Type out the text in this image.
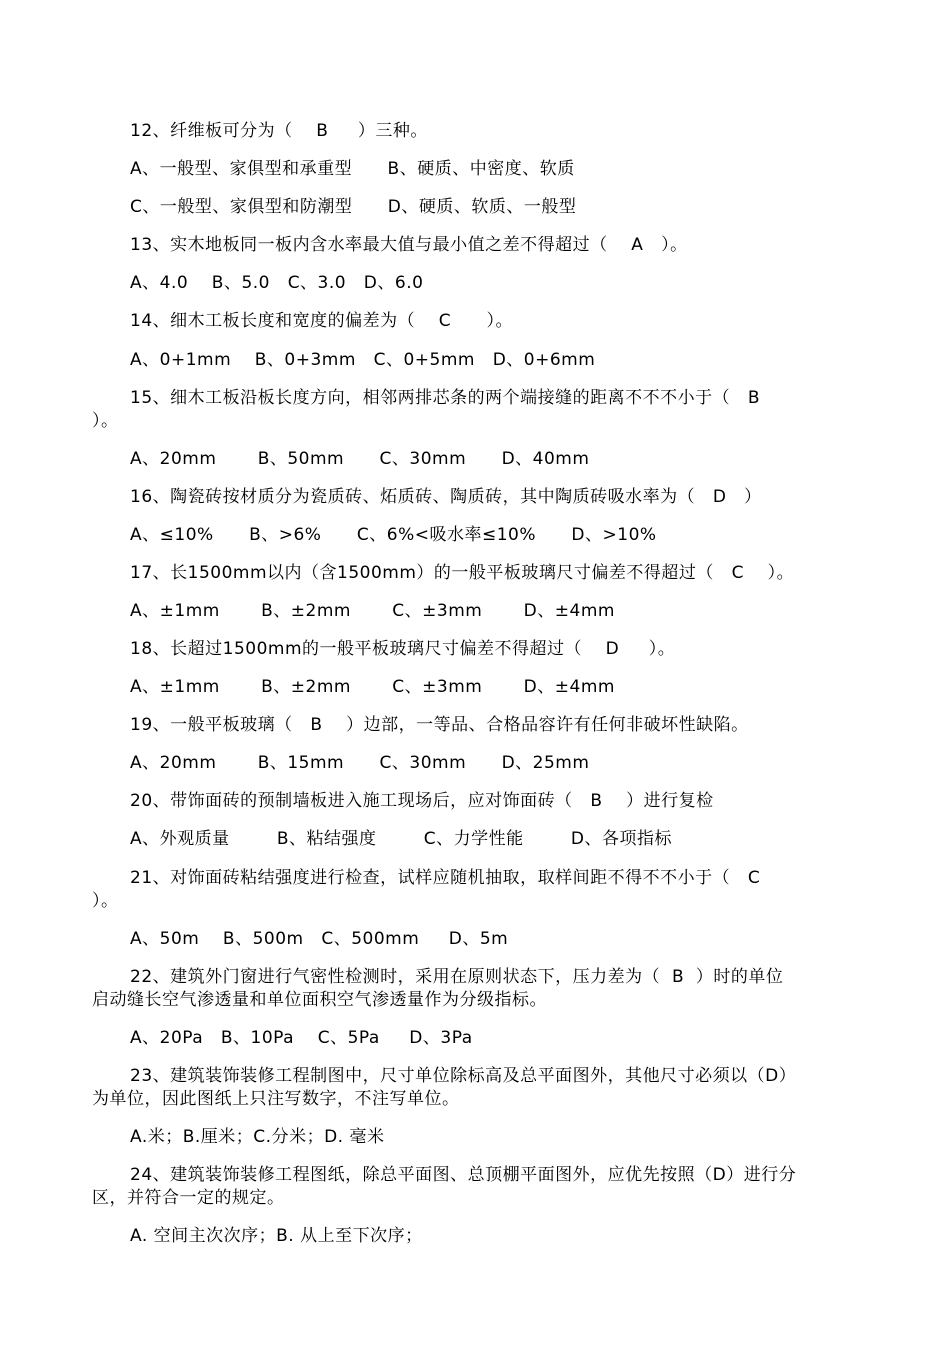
12、纤维板可分为（    B     ）三种。
A、一般型、家俱型和承重型      B、硬质、中密度、软质
C、一般型、家俱型和防潮型      D、硬质、软质、一般型
13、实木地板同一板内含水率最大值与最小值之差不得超过（    A   ）。
A、4.0    B、5.0   C、3.0   D、6.0
14、细木工板长度和宽度的偏差为（    C      ）。
A、0+1mm    B、0+3mm   C、0+5mm   D、0+6mm
15、细木工板沿板长度方向，相邻两排芯条的两个端接缝的距离不不不小于（   B
）。
A、20mm       B、50mm      C、30mm      D、40mm
16、陶瓷砖按材质分为瓷质砖、炻质砖、陶质砖，其中陶质砖吸水率为（   D   ）
A、≤10%      B、>6%      C、6%<吸水率≤10%      D、>10%
17、长1500mm以内（含1500mm）的一般平板玻璃尺寸偏差不得超过（   C    ）。
A、±1mm       B、±2mm       C、±3mm       D、±4mm
18、长超过1500mm的一般平板玻璃尺寸偏差不得超过（    D     ）。
A、±1mm       B、±2mm       C、±3mm       D、±4mm
19、一般平板玻璃（   B    ）边部，一等品、合格品容许有任何非破坏性缺陷。
A、20mm       B、15mm      C、30mm      D、25mm
20、带饰面砖的预制墙板进入施工现场后，应对饰面砖（   B    ）进行复检
A、外观质量        B、粘结强度        C、力学性能        D、各项指标
21、对饰面砖粘结强度进行检查，试样应随机抽取，取样间距不得不不小于（   C
）。
A、50m    B、500m   C、500mm     D、5m
22、建筑外门窗进行气密性检测时，采用在原则状态下，压力差为（  B  ）时的单位
启动缝长空气渗透量和单位面积空气渗透量作为分级指标。
A、20Pa   B、10Pa    C、5Pa     D、3Pa
23、建筑装饰装修工程制图中，尺寸单位除标高及总平面图外，其他尺寸必须以（D）
为单位，因此图纸上只注写数字，不注写单位。
A.米；B.厘米；C.分米；D. 毫米
24、建筑装饰装修工程图纸，除总平面图、总顶棚平面图外，应优先按照（D）进行分
区，并符合一定的规定。
A. 空间主次次序；B. 从上至下次序；
